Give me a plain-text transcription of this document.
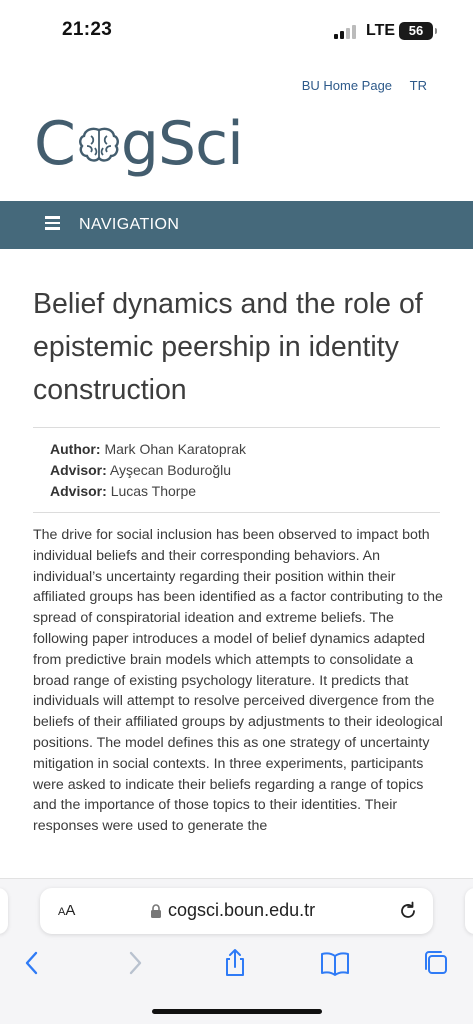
21:23	LTE	56
BU Home Page TR
C gSci
NAVIGATION
Belief dynamics and the role of epistemic peership in identity construction
Author: Mark Ohan Karatoprak
Advisor: Ayşecan Boduroğlu
Advisor: Lucas Thorpe

The drive for social inclusion has been observed to impact both individual beliefs and their corresponding behaviors. An individual’s uncertainty regarding their position within their affiliated groups has been identified as a factor contributing to the spread of conspiratorial ideation and extreme beliefs. The following paper introduces a model of belief dynamics adapted from predictive brain models which attempts to consolidate a broad range of existing psychology literature. It predicts that individuals will attempt to resolve perceived divergence from the beliefs of their affiliated groups by adjustments to their ideological positions. The model defines this as one strategy of uncertainty mitigation in social contexts. In three experiments, participants were asked to indicate their beliefs regarding a range of topics and the importance of those topics to their identities. Their responses were used to generate the

AA	cogsci.boun.edu.tr
